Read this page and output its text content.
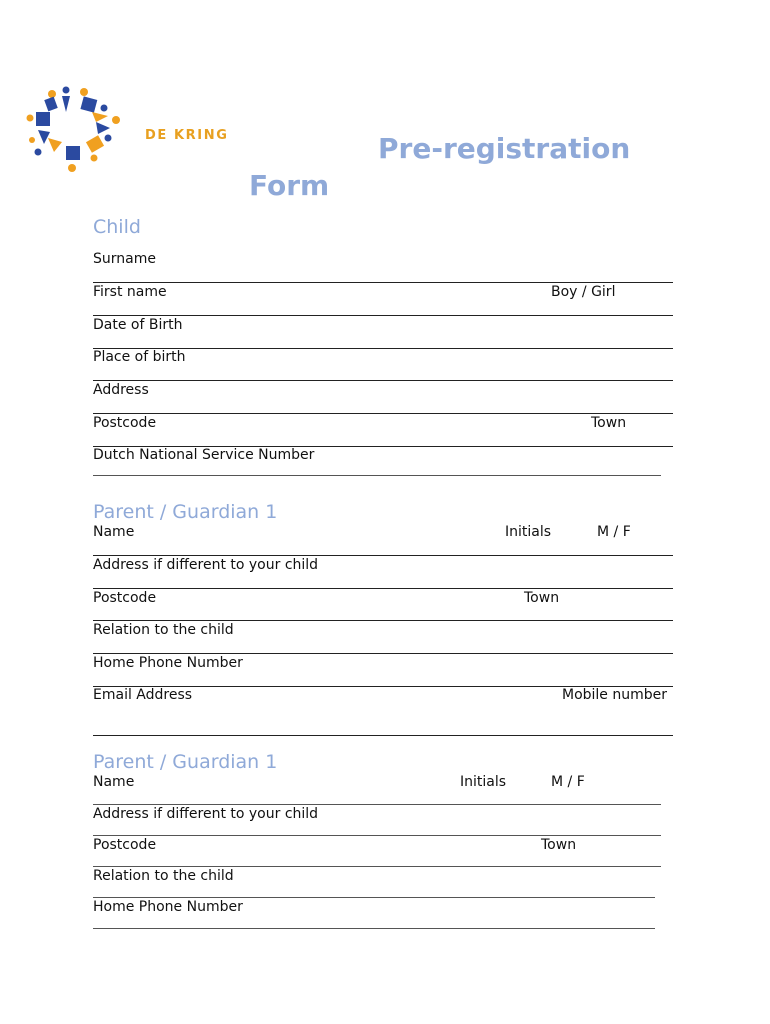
DE KRING	Pre-registration
Form
Child
Surname
First name	Boy / Girl
Date of Birth
Place of birth
Address
Postcode	Town
Dutch National Service Number
Parent / Guardian 1
Name	Initials	M / F
Address if different to your child
Postcode	Town
Relation to the child
Home Phone Number
Email Address	Mobile number
Parent / Guardian 1
Name	Initials	M / F
Address if different to your child
Postcode	Town
Relation to the child
Home Phone Number
